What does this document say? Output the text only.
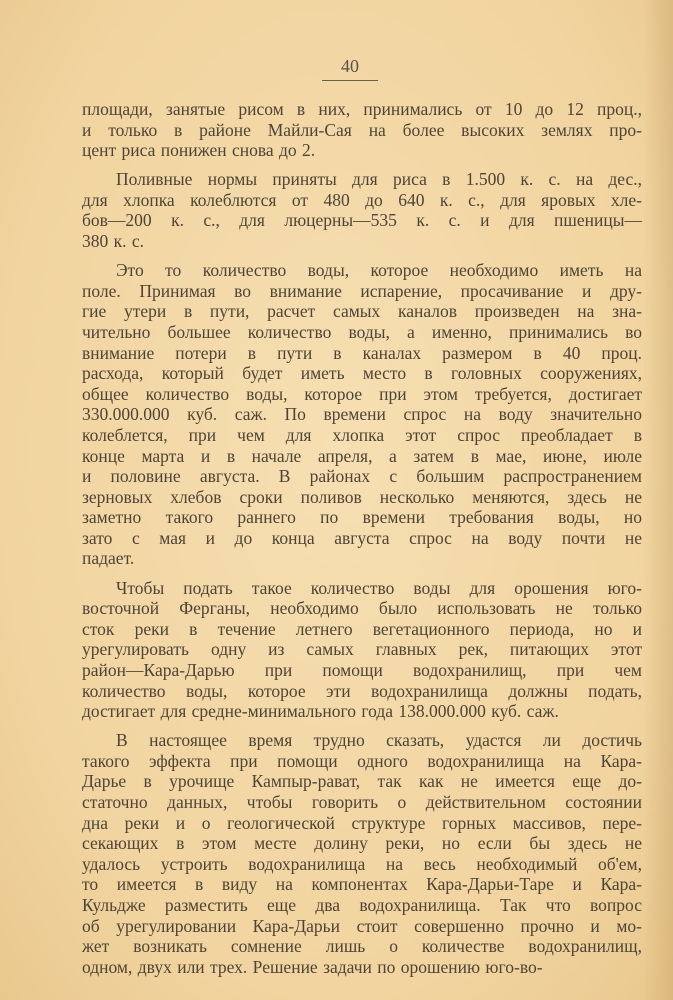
40
площади, занятые рисом в них, принимались от 10 до 12 проц.,
и только в районе Майли-Сая на более высоких землях про-
цент риса понижен снова до 2.
Поливные нормы приняты для риса в 1.500 к. с. на дес.,
для хлопка колеблются от 480 до 640 к. с., для яровых хле-
бов—200 к. с., для люцерны—535 к. с. и для пшеницы—
380 к. с.
Это то количество воды, которое необходимо иметь на
поле. Принимая во внимание испарение, просачивание и дру-
гие утери в пути, расчет самых каналов произведен на зна-
чительно большее количество воды, а именно, принимались во
внимание потери в пути в каналах размером в 40 проц.
расхода, который будет иметь место в головных сооружениях,
общее количество воды, которое при этом требуется, достигает
330.000.000 куб. саж. По времени спрос на воду значительно
колеблется, при чем для хлопка этот спрос преобладает в
конце марта и в начале апреля, а затем в мае, июне, июле
и половине августа. В районах с большим распространением
зерновых хлебов сроки поливов несколько меняются, здесь не
заметно такого раннего по времени требования воды, но
зато с мая и до конца августа спрос на воду почти не
падает.
Чтобы подать такое количество воды для орошения юго-
восточной Ферганы, необходимо было использовать не только
сток реки в течение летнего вегетационного периода, но и
урегулировать одну из самых главных рек, питающих этот
район—Кара-Дарью при помощи водохранилищ, при чем
количество воды, которое эти водохранилища должны подать,
достигает для средне-минимального года 138.000.000 куб. саж.
В настоящее время трудно сказать, удастся ли достичь
такого эффекта при помощи одного водохранилища на Кара-
Дарье в урочище Кампыр-рават, так как не имеется еще до-
статочно данных, чтобы говорить о действительном состоянии
дна реки и о геологической структуре горных массивов, пере-
секающих в этом месте долину реки, но если бы здесь не
удалось устроить водохранилища на весь необходимый об'ем,
то имеется в виду на компонентах Кара-Дарьи-Таре и Кара-
Кульдже разместить еще два водохранилища. Так что вопрос
об урегулировании Кара-Дарьи стоит совершенно прочно и мо-
жет возникать сомнение лишь о количестве водохранилищ,
одном, двух или трех. Решение задачи по орошению юго-во-
